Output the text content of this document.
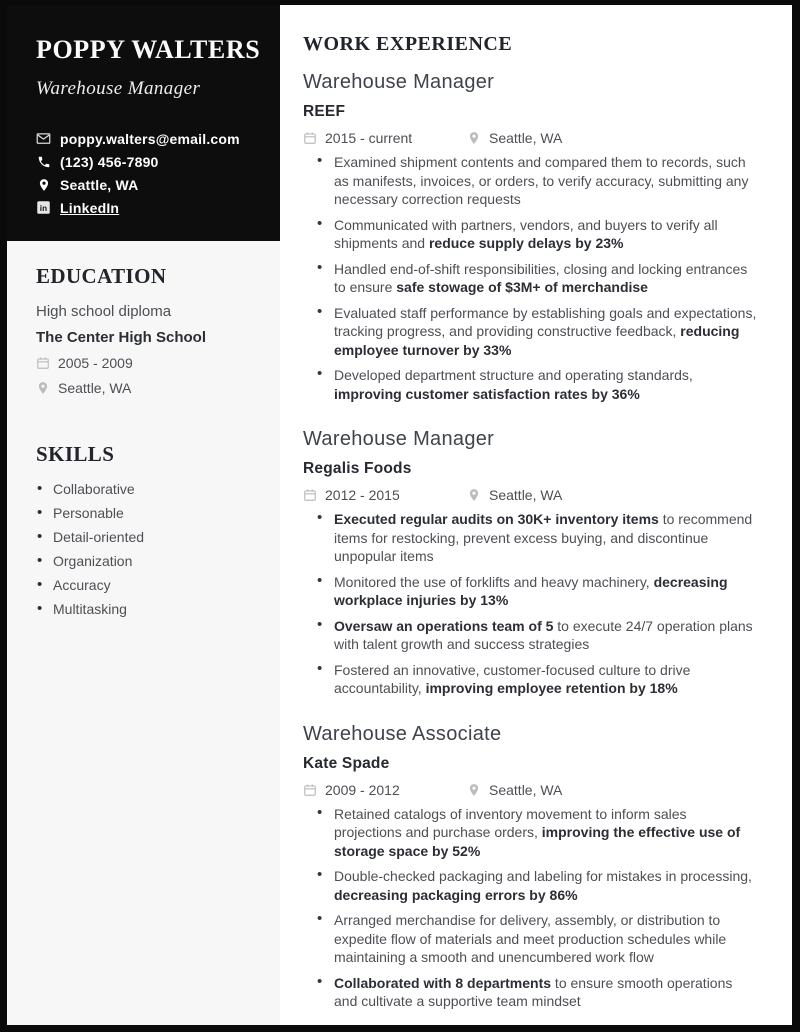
POPPY WALTERS
Warehouse Manager
poppy.walters@email.com
(123) 456-7890
Seattle, WA
in LinkedIn
EDUCATION
High school diploma
The Center High School
2005 - 2009
Seattle, WA
SKILLS
• Collaborative
• Personable
• Detail-oriented
• Organization
• Accuracy
• Multitasking
WORK EXPERIENCE
Warehouse Manager
REEF
2015 - current	Seattle, WA
• Examined shipment contents and compared them to records, such as manifests, invoices, or orders, to verify accuracy, submitting any necessary correction requests
• Communicated with partners, vendors, and buyers to verify all shipments and reduce supply delays by 23%
• Handled end-of-shift responsibilities, closing and locking entrances to ensure safe stowage of $3M+ of merchandise
• Evaluated staff performance by establishing goals and expectations, tracking progress, and providing constructive feedback, reducing employee turnover by 33%
• Developed department structure and operating standards, improving customer satisfaction rates by 36%
Warehouse Manager
Regalis Foods
2012 - 2015	Seattle, WA
• Executed regular audits on 30K+ inventory items to recommend items for restocking, prevent excess buying, and discontinue unpopular items
• Monitored the use of forklifts and heavy machinery, decreasing workplace injuries by 13%
• Oversaw an operations team of 5 to execute 24/7 operation plans with talent growth and success strategies
• Fostered an innovative, customer-focused culture to drive accountability, improving employee retention by 18%
Warehouse Associate
Kate Spade
2009 - 2012	Seattle, WA
• Retained catalogs of inventory movement to inform sales projections and purchase orders, improving the effective use of storage space by 52%
• Double-checked packaging and labeling for mistakes in processing, decreasing packaging errors by 86%
• Arranged merchandise for delivery, assembly, or distribution to expedite flow of materials and meet production schedules while maintaining a smooth and unencumbered work flow
• Collaborated with 8 departments to ensure smooth operations and cultivate a supportive team mindset
